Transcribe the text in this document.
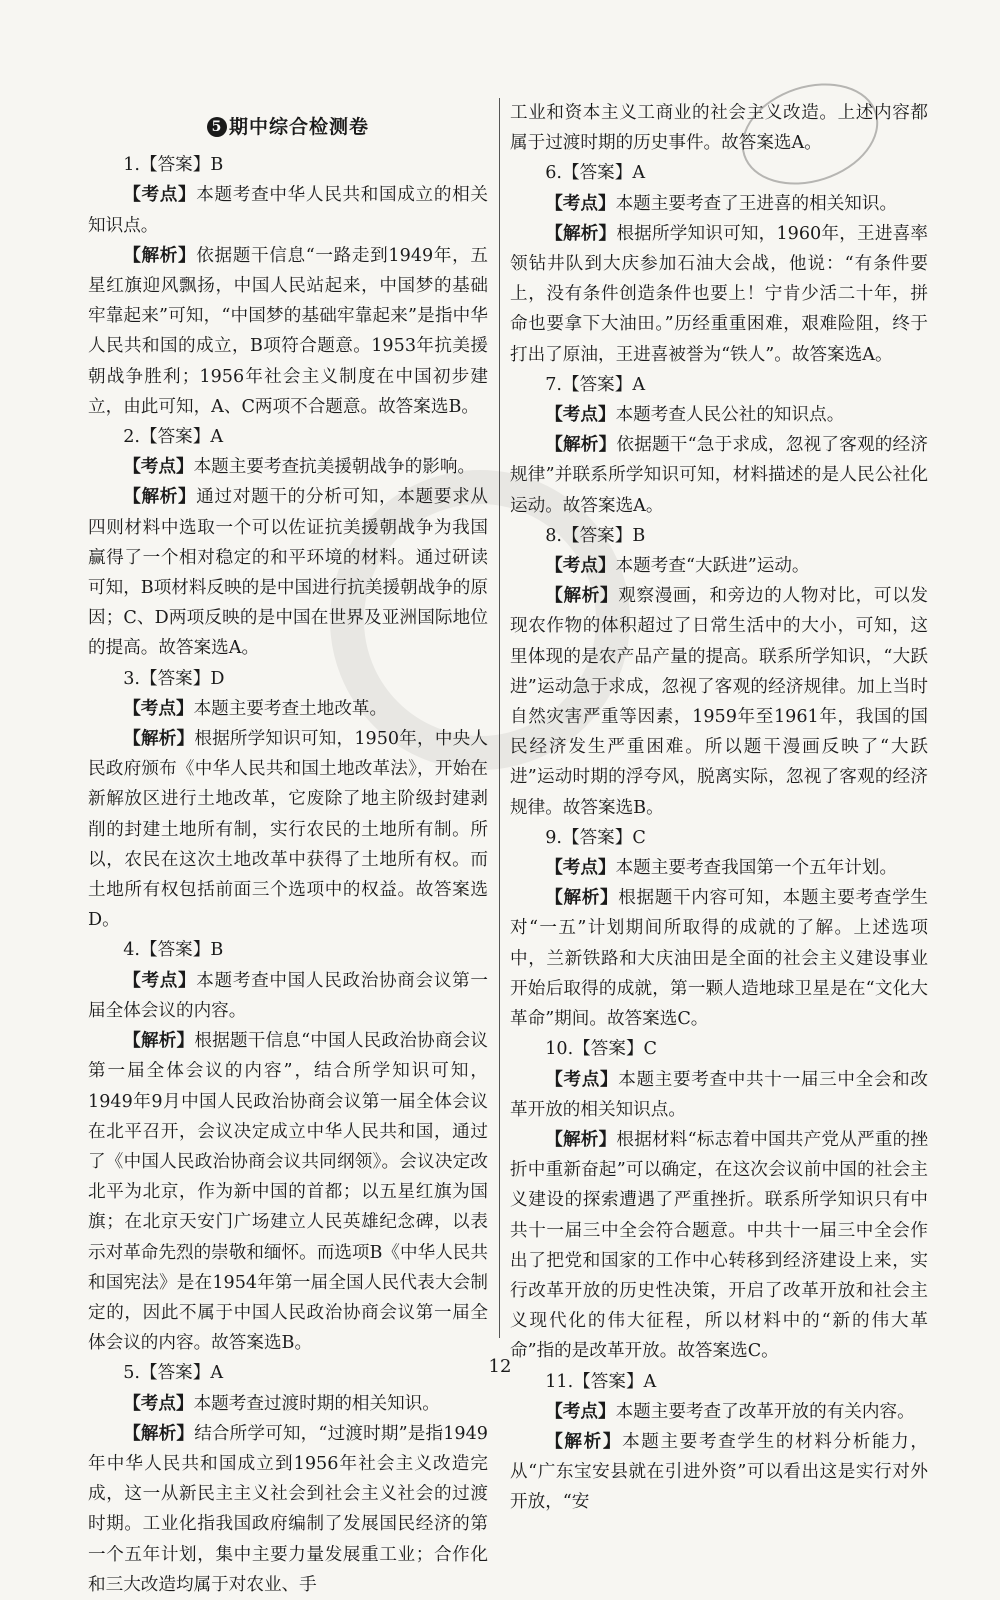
5 期中综合检测卷

1.【答案】B

【考点】本题考查中华人民共和国成立的相关知识点。

【解析】依据题干信息“一路走到1949年，五星红旗迎风飘扬，中国人民站起来，中国梦的基础牢靠起来”可知，“中国梦的基础牢靠起来”是指中华人民共和国的成立，B项符合题意。1953年抗美援朝战争胜利；1956年社会主义制度在中国初步建立，由此可知，A、C两项不合题意。故答案选B。

2.【答案】A

【考点】本题主要考查抗美援朝战争的影响。

【解析】通过对题干的分析可知，本题要求从四则材料中选取一个可以佐证抗美援朝战争为我国赢得了一个相对稳定的和平环境的材料。通过研读可知，B项材料反映的是中国进行抗美援朝战争的原因；C、D两项反映的是中国在世界及亚洲国际地位的提高。故答案选A。

3.【答案】D

【考点】本题主要考查土地改革。

【解析】根据所学知识可知，1950年，中央人民政府颁布《中华人民共和国土地改革法》，开始在新解放区进行土地改革，它废除了地主阶级封建剥削的封建土地所有制，实行农民的土地所有制。所以，农民在这次土地改革中获得了土地所有权。而土地所有权包括前面三个选项中的权益。故答案选D。

4.【答案】B

【考点】本题考查中国人民政治协商会议第一届全体会议的内容。

【解析】根据题干信息“中国人民政治协商会议第一届全体会议的内容”，结合所学知识可知，1949年9月中国人民政治协商会议第一届全体会议在北平召开，会议决定成立中华人民共和国，通过了《中国人民政治协商会议共同纲领》。会议决定改北平为北京，作为新中国的首都；以五星红旗为国旗；在北京天安门广场建立人民英雄纪念碑，以表示对革命先烈的崇敬和缅怀。而选项B《中华人民共和国宪法》是在1954年第一届全国人民代表大会制定的，因此不属于中国人民政治协商会议第一届全体会议的内容。故答案选B。

5.【答案】A

【考点】本题考查过渡时期的相关知识。

【解析】结合所学可知，“过渡时期”是指1949年中华人民共和国成立到1956年社会主义改造完成，这一从新民主主义社会到社会主义社会的过渡时期。工业化指我国政府编制了发展国民经济的第一个五年计划，集中主要力量发展重工业；合作化和三大改造均属于对农业、手

工业和资本主义工商业的社会主义改造。上述内容都属于过渡时期的历史事件。故答案选A。

6.【答案】A

【考点】本题主要考查了王进喜的相关知识。

【解析】根据所学知识可知，1960年，王进喜率领钻井队到大庆参加石油大会战，他说：“有条件要上，没有条件创造条件也要上！宁肯少活二十年，拼命也要拿下大油田。”历经重重困难，艰难险阻，终于打出了原油，王进喜被誉为“铁人”。故答案选A。

7.【答案】A

【考点】本题考查人民公社的知识点。

【解析】依据题干“急于求成，忽视了客观的经济规律”并联系所学知识可知，材料描述的是人民公社化运动。故答案选A。

8.【答案】B

【考点】本题考查“大跃进”运动。

【解析】观察漫画，和旁边的人物对比，可以发现农作物的体积超过了日常生活中的大小，可知，这里体现的是农产品产量的提高。联系所学知识，“大跃进”运动急于求成，忽视了客观的经济规律。加上当时自然灾害严重等因素，1959年至1961年，我国的国民经济发生严重困难。所以题干漫画反映了“大跃进”运动时期的浮夸风，脱离实际，忽视了客观的经济规律。故答案选B。

9.【答案】C

【考点】本题主要考查我国第一个五年计划。

【解析】根据题干内容可知，本题主要考查学生对“一五”计划期间所取得的成就的了解。上述选项中，兰新铁路和大庆油田是全面的社会主义建设事业开始后取得的成就，第一颗人造地球卫星是在“文化大革命”期间。故答案选C。

10.【答案】C

【考点】本题主要考查中共十一届三中全会和改革开放的相关知识点。

【解析】根据材料“标志着中国共产党从严重的挫折中重新奋起”可以确定，在这次会议前中国的社会主义建设的探索遭遇了严重挫折。联系所学知识只有中共十一届三中全会符合题意。中共十一届三中全会作出了把党和国家的工作中心转移到经济建设上来，实行改革开放的历史性决策，开启了改革开放和社会主义现代化的伟大征程，所以材料中的“新的伟大革命”指的是改革开放。故答案选C。

11.【答案】A

【考点】本题主要考查了改革开放的有关内容。

【解析】本题主要考查学生的材料分析能力，从“广东宝安县就在引进外资”可以看出这是实行对外开放，“安

12
